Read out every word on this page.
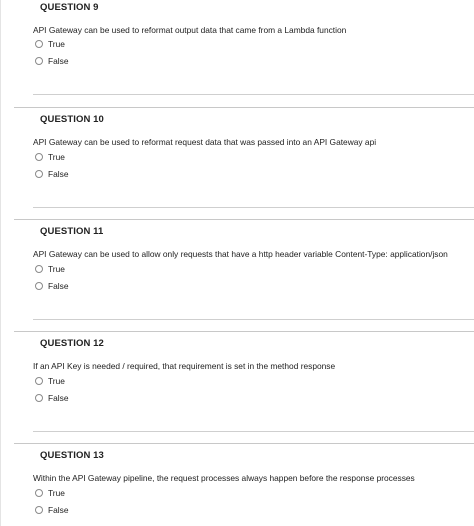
QUESTION 9
API Gateway can be used to reformat output data that came from a Lambda function
True
False
QUESTION 10
API Gateway can be used to reformat request data that was passed into an API Gateway api
True
False
QUESTION 11
API Gateway can be used to allow only requests that have a http header variable Content-Type: application/json
True
False
QUESTION 12
If an API Key is needed / required, that requirement is set in the method response
True
False
QUESTION 13
Within the API Gateway pipeline, the request processes always happen before the response processes
True
False
